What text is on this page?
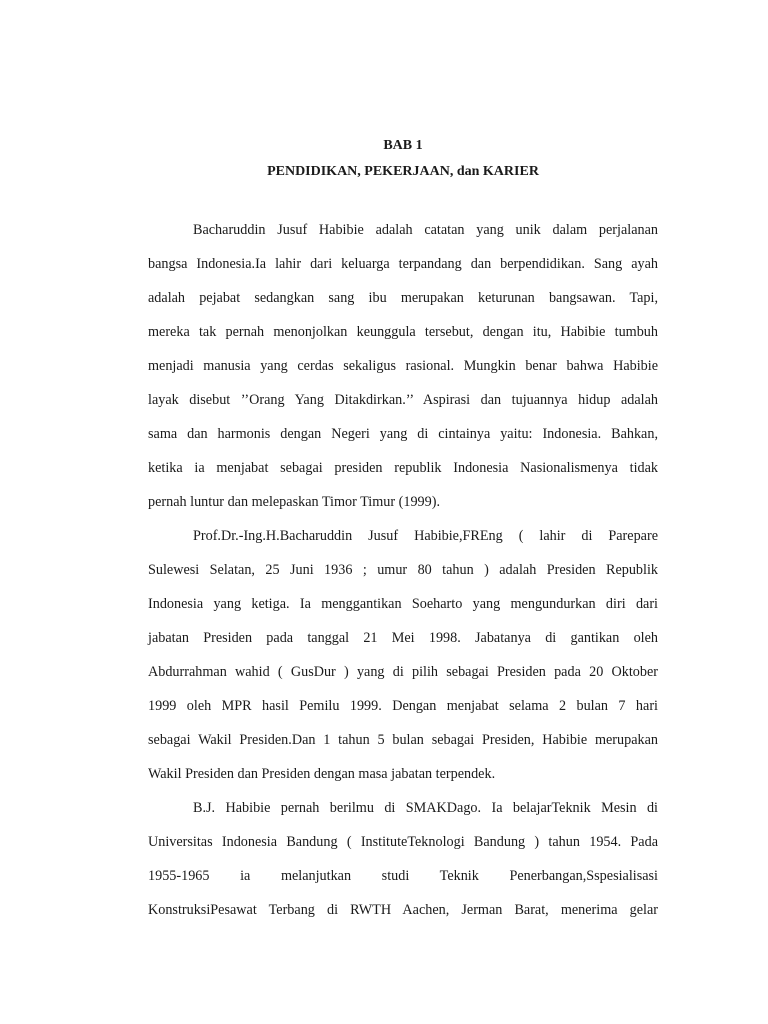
BAB 1
PENDIDIKAN, PEKERJAAN, dan KARIER
Bacharuddin Jusuf Habibie adalah catatan yang unik dalam perjalanan
bangsa Indonesia.Ia lahir dari keluarga terpandang dan berpendidikan. Sang ayah
adalah pejabat sedangkan sang ibu merupakan keturunan bangsawan. Tapi,
mereka tak pernah menonjolkan keunggula tersebut, dengan itu, Habibie tumbuh
menjadi manusia yang cerdas sekaligus rasional. Mungkin benar bahwa Habibie
layak disebut ’’Orang Yang Ditakdirkan.’’ Aspirasi dan tujuannya hidup adalah
sama dan harmonis dengan Negeri yang di cintainya yaitu: Indonesia. Bahkan,
ketika ia menjabat sebagai presiden republik Indonesia Nasionalismenya tidak
pernah luntur dan melepaskan Timor Timur (1999).
Prof.Dr.-Ing.H.Bacharuddin Jusuf Habibie,FREng ( lahir di Parepare
Sulewesi Selatan, 25 Juni 1936 ; umur 80 tahun ) adalah Presiden Republik
Indonesia yang ketiga. Ia menggantikan Soeharto yang mengundurkan diri dari
jabatan Presiden pada tanggal 21 Mei 1998. Jabatanya di gantikan oleh
Abdurrahman wahid ( GusDur ) yang di pilih sebagai Presiden pada 20 Oktober
1999 oleh MPR hasil Pemilu 1999. Dengan menjabat selama 2 bulan 7 hari
sebagai Wakil Presiden.Dan 1 tahun 5 bulan sebagai Presiden, Habibie merupakan
Wakil Presiden dan Presiden dengan masa jabatan terpendek.
B.J. Habibie pernah berilmu di SMAKDago. Ia belajarTeknik Mesin di
Universitas Indonesia Bandung ( InstituteTeknologi Bandung ) tahun 1954. Pada
1955-1965 ia melanjutkan studi Teknik Penerbangan,Sspesialisasi
KonstruksiPesawat Terbang di RWTH Aachen, Jerman Barat, menerima gelar
